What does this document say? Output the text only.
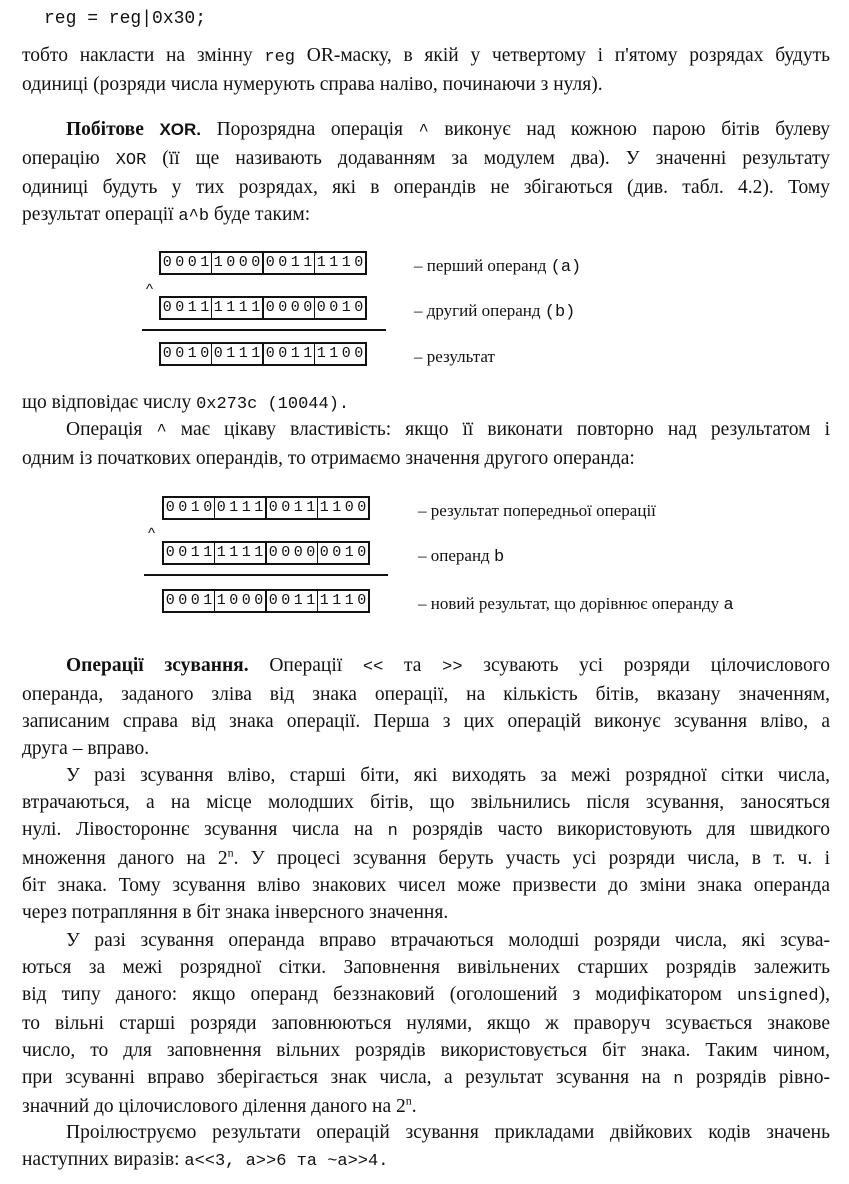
reg = reg|0x30;
тобто накласти на змінну reg OR-маску, в якій у четвертому і п'ятому розрядах будуть
одиниці (розряди числа нумерують справа наліво, починаючи з нуля).
Побітове XOR. Порозрядна операція ^ виконує над кожною парою бітів булеву
операцію XOR (її ще називають додаванням за модулем два). У значенні результату
одиниці будуть у тих розрядах, які в операндів не збігаються (див. табл. 4.2). Тому
результат операції a^b буде таким:
0 0 0 1 1 0 0 0 0 0 1 1 1 1 1 0	– перший операнд (a)
^
0 0 1 1 1 1 1 1 0 0 0 0 0 0 1 0	– другий операнд (b)
0 0 1 0 0 1 1 1 0 0 1 1 1 1 0 0	– результат
що відповідає числу 0x273c (10044).
Операція ^ має цікаву властивість: якщо її виконати повторно над результатом і
одним із початкових операндів, то отримаємо значення другого операнда:
0 0 1 0 0 1 1 1 0 0 1 1 1 1 0 0	– результат попередньої операції
^
0 0 1 1 1 1 1 1 0 0 0 0 0 0 1 0	– операнд b
0 0 0 1 1 0 0 0 0 0 1 1 1 1 1 0	– новий результат, що дорівнює операнду a
Операції зсування. Операції << та >> зсувають усі розряди цілочислового
операнда, заданого зліва від знака операції, на кількість бітів, вказану значенням,
записаним справа від знака операції. Перша з цих операцій виконує зсування вліво, а
друга – вправо.
У разі зсування вліво, старші біти, які виходять за межі розрядної сітки числа,
втрачаються, а на місце молодших бітів, що звільнились після зсування, заносяться
нулі. Лівостороннє зсування числа на n розрядів часто використовують для швидкого
множення даного на 2$^n$. У процесі зсування беруть участь усі розряди числа, в т. ч. і
біт знака. Тому зсування вліво знакових чисел може призвести до зміни знака операнда
через потрапляння в біт знака інверсного значення.
У разі зсування операнда вправо втрачаються молодші розряди числа, які зсува-
ються за межі розрядної сітки. Заповнення вивільнених старших розрядів залежить
від типу даного: якщо операнд беззнаковий (оголошений з модифікатором unsigned),
то вільні старші розряди заповнюються нулями, якщо ж праворуч зсувається знакове
число, то для заповнення вільних розрядів використовується біт знака. Таким чином,
при зсуванні вправо зберігається знак числа, а результат зсування на n розрядів рівно-
значний до цілочислового ділення даного на 2$^n$.
Проілюструємо результати операцій зсування прикладами двійкових кодів значень
наступних виразів: a<<3, a>>6 та ~a>>4.
